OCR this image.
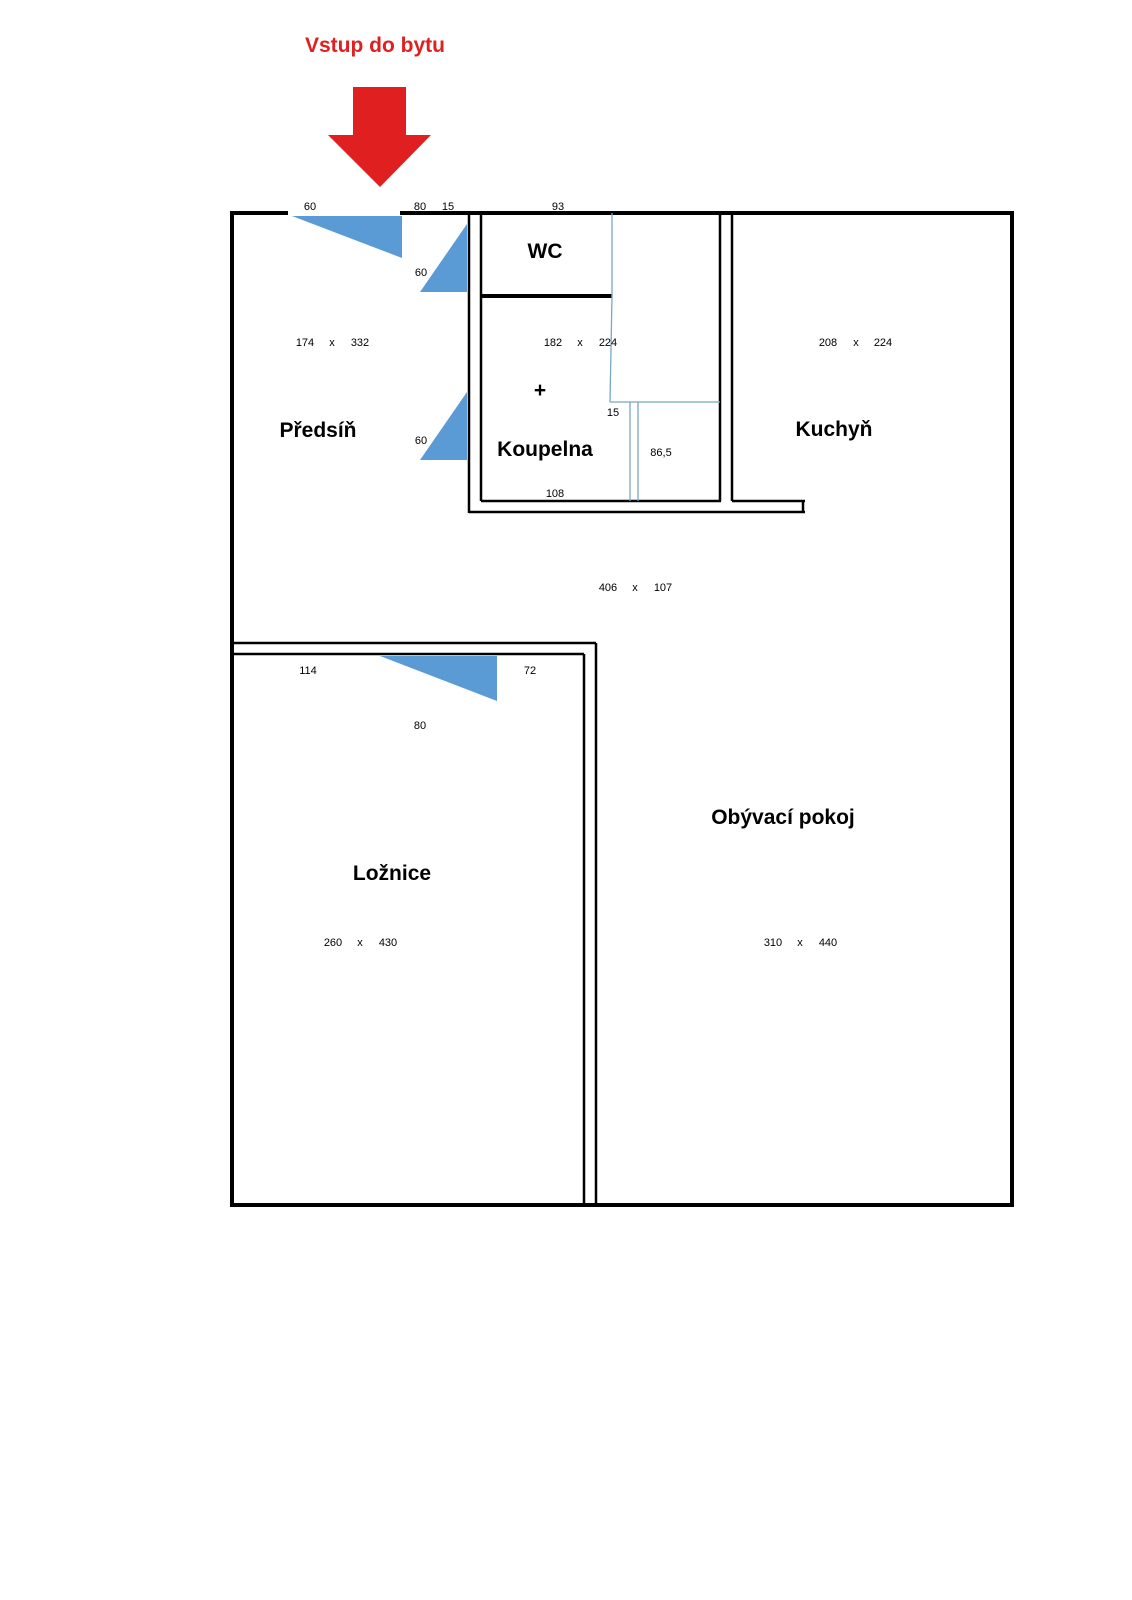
Vstup do bytu
Předsíň
WC
Koupelna
Kuchyň
Ložnice
Obývací pokoj
+
174 x 332	182 x 224	208 x 224
406 x 107
260 x 430	310 x 440
60	80 15	93
60
60
15
86,5
108
114	72
80
